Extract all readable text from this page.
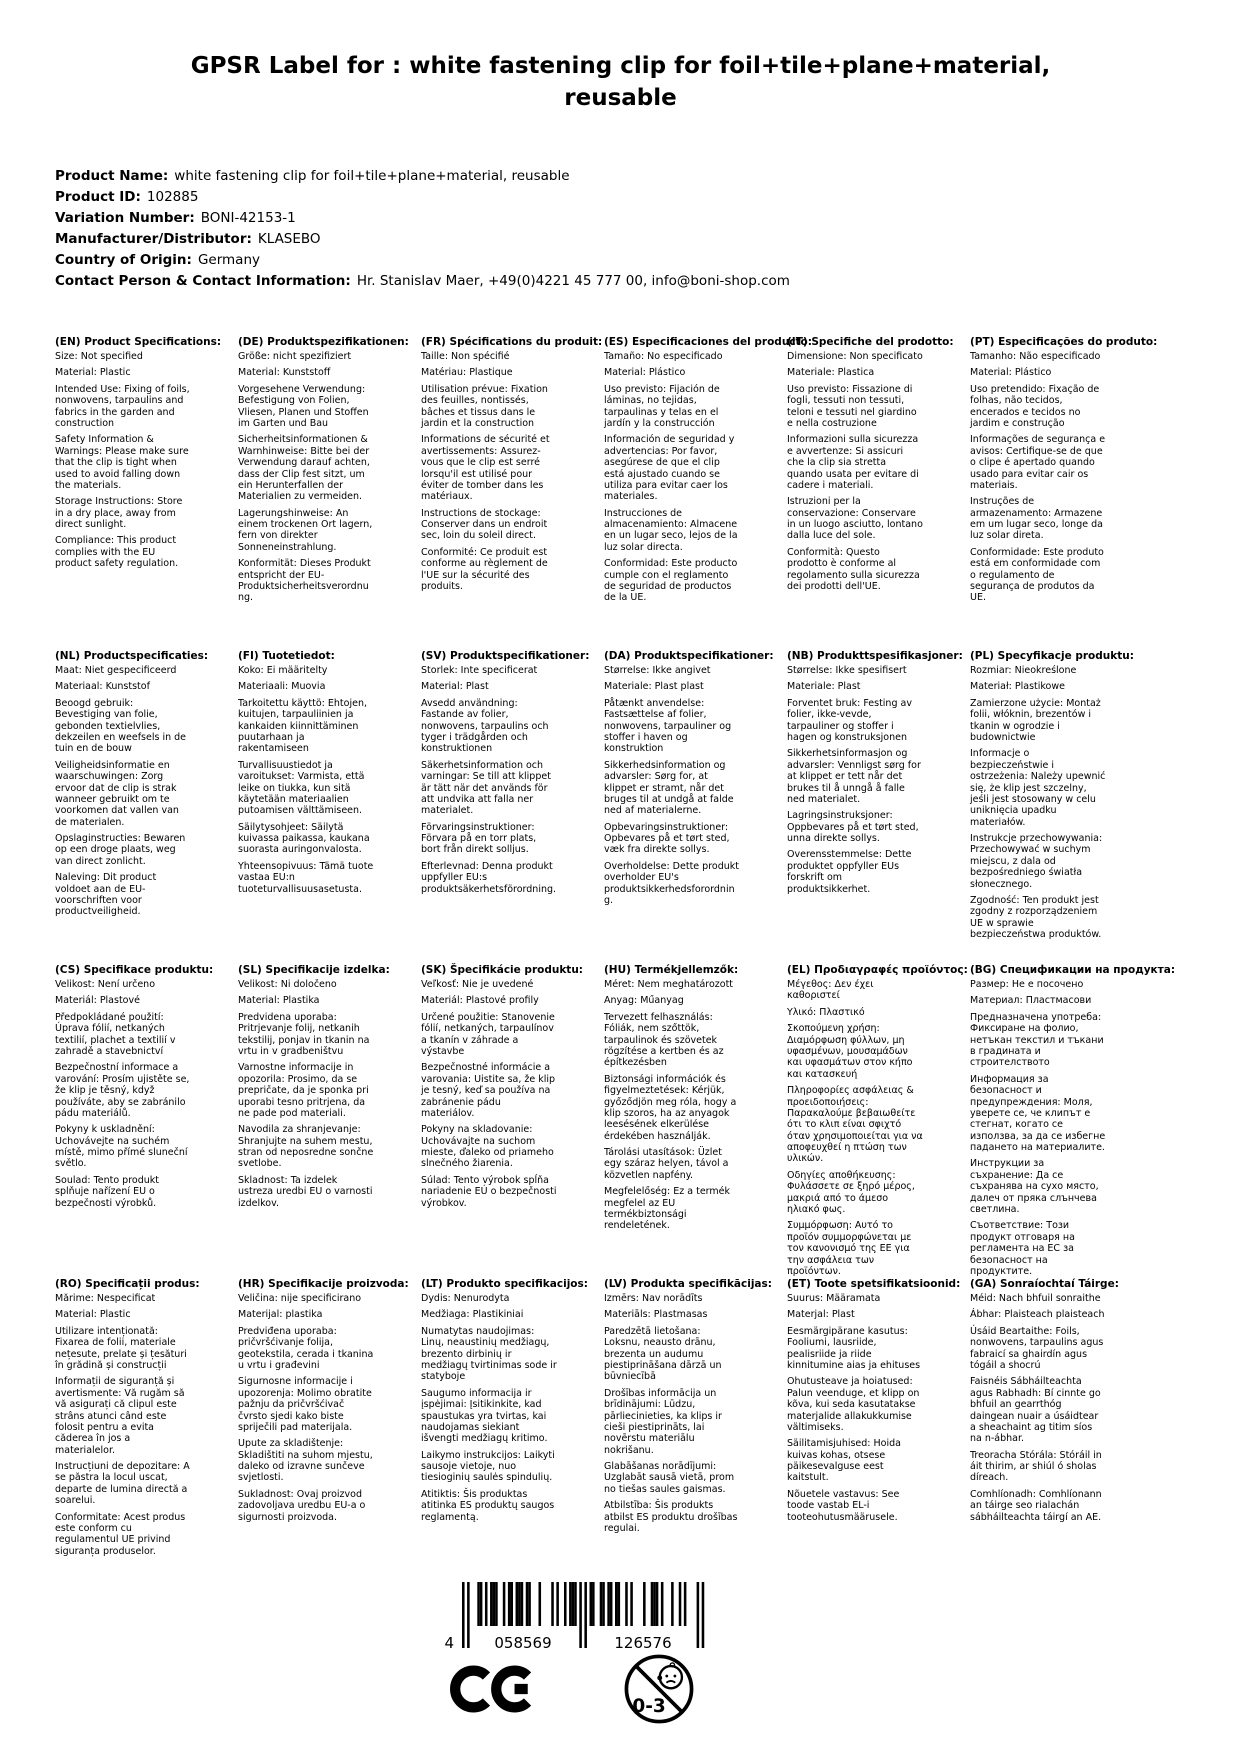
GPSR Label for : white fastening clip for foil+tile+plane+material, reusable
Product Name: white fastening clip for foil+tile+plane+material, reusable
Product ID: 102885
Variation Number: BONI-42153-1
Manufacturer/Distributor: KLASEBO
Country of Origin: Germany
Contact Person & Contact Information: Hr. Stanislav Maer, +49(0)4221 45 777 00, info@boni-shop.com
(EN) Product Specifications:

Size: Not specified

Material: Plastic

Intended Use: Fixing of foils, nonwovens, tarpaulins and fabrics in the garden and construction

Safety Information & Warnings: Please make sure that the clip is tight when used to avoid falling down the materials.

Storage Instructions: Store in a dry place, away from direct sunlight.

Compliance: This product complies with the EU product safety regulation.

(DE) Produktspezifikationen:

Größe: nicht spezifiziert

Material: Kunststoff

Vorgesehene Verwendung: Befestigung von Folien, Vliesen, Planen und Stoffen im Garten und Bau

Sicherheitsinformationen & Warnhinweise: Bitte bei der Verwendung darauf achten, dass der Clip fest sitzt, um ein Herunterfallen der Materialien zu vermeiden.

Lagerungshinweise: An einem trockenen Ort lagern, fern von direkter Sonneneinstrahlung.

Konformität: Dieses Produkt entspricht der EU-Produktsicherheitsverordnung.

(FR) Spécifications du produit:

Taille: Non spécifié

Matériau: Plastique

Utilisation prévue: Fixation des feuilles, nontissés, bâches et tissus dans le jardin et la construction

Informations de sécurité et avertissements: Assurez-vous que le clip est serré lorsqu'il est utilisé pour éviter de tomber dans les matériaux.

Instructions de stockage: Conserver dans un endroit sec, loin du soleil direct.

Conformité: Ce produit est conforme au règlement de l'UE sur la sécurité des produits.

(ES) Especificaciones del producto:

Tamaño: No especificado

Material: Plástico

Uso previsto: Fijación de láminas, no tejidas, tarpaulinas y telas en el jardín y la construcción

Información de seguridad y advertencias: Por favor, asegúrese de que el clip está ajustado cuando se utiliza para evitar caer los materiales.

Instrucciones de almacenamiento: Almacene en un lugar seco, lejos de la luz solar directa.

Conformidad: Este producto cumple con el reglamento de seguridad de productos de la UE.

(IT) Specifiche del prodotto:

Dimensione: Non specificato

Materiale: Plastica

Uso previsto: Fissazione di fogli, tessuti non tessuti, teloni e tessuti nel giardino e nella costruzione

Informazioni sulla sicurezza e avvertenze: Si assicuri che la clip sia stretta quando usata per evitare di cadere i materiali.

Istruzioni per la conservazione: Conservare in un luogo asciutto, lontano dalla luce del sole.

Conformità: Questo prodotto è conforme al regolamento sulla sicurezza dei prodotti dell'UE.

(PT) Especificações do produto:

Tamanho: Não especificado

Material: Plástico

Uso pretendido: Fixação de folhas, não tecidos, encerados e tecidos no jardim e construção

Informações de segurança e avisos: Certifique-se de que o clipe é apertado quando usado para evitar cair os materiais.

Instruções de armazenamento: Armazene em um lugar seco, longe da luz solar direta.

Conformidade: Este produto está em conformidade com o regulamento de segurança de produtos da UE.

(NL) Productspecificaties:

Maat: Niet gespecificeerd

Materiaal: Kunststof

Beoogd gebruik: Bevestiging van folie, gebonden textielvlies, dekzeilen en weefsels in de tuin en de bouw

Veiligheidsinformatie en waarschuwingen: Zorg ervoor dat de clip is strak wanneer gebruikt om te voorkomen dat vallen van de materialen.

Opslaginstructies: Bewaren op een droge plaats, weg van direct zonlicht.

Naleving: Dit product voldoet aan de EU-voorschriften voor productveiligheid.

(FI) Tuotetiedot:

Koko: Ei määritelty

Materiaali: Muovia

Tarkoitettu käyttö: Ehtojen, kuitujen, tarpauliinien ja kankaiden kiinnittäminen puutarhaan ja rakentamiseen

Turvallisuustiedot ja varoitukset: Varmista, että leike on tiukka, kun sitä käytetään materiaalien putoamisen välttämiseen.

Säilytysohjeet: Säilytä kuivassa paikassa, kaukana suorasta auringonvalosta.

Yhteensopivuus: Tämä tuote vastaa EU:n tuoteturvallisuusasetusta.

(SV) Produktspecifikationer:

Storlek: Inte specificerat

Material: Plast

Avsedd användning: Fastande av folier, nonwovens, tarpaulins och tyger i trädgården och konstruktionen

Säkerhetsinformation och varningar: Se till att klippet är tätt när det används för att undvika att falla ner materialet.

Förvaringsinstruktioner: Förvara på en torr plats, bort från direkt solljus.

Efterlevnad: Denna produkt uppfyller EU:s produktsäkerhetsförordning.

(DA) Produktspecifikationer:

Størrelse: Ikke angivet

Materiale: Plast plast

Påtænkt anvendelse: Fastsættelse af folier, nonwovens, tarpauliner og stoffer i haven og konstruktion

Sikkerhedsinformation og advarsler: Sørg for, at klippet er stramt, når det bruges til at undgå at falde ned af materialerne.

Opbevaringsinstruktioner: Opbevares på et tørt sted, væk fra direkte sollys.

Overholdelse: Dette produkt overholder EU's produktsikkerhedsforordning.

(NB) Produkttspesifikasjoner:

Størrelse: Ikke spesifisert

Materiale: Plast

Forventet bruk: Festing av folier, ikke-vevde, tarpauliner og stoffer i hagen og konstruksjonen

Sikkerhetsinformasjon og advarsler: Vennligst sørg for at klippet er tett når det brukes til å unngå å falle ned materialet.

Lagringsinstruksjoner: Oppbevares på et tørt sted, unna direkte sollys.

Overensstemmelse: Dette produktet oppfyller EUs forskrift om produktsikkerhet.

(PL) Specyfikacje produktu:

Rozmiar: Nieokreślone

Materiał: Plastikowe

Zamierzone użycie: Montaż folii, włóknin, brezentów i tkanin w ogrodzie i budownictwie

Informacje o bezpieczeństwie i ostrzeżenia: Należy upewnić się, że klip jest szczelny, jeśli jest stosowany w celu uniknięcia upadku materiałów.

Instrukcje przechowywania: Przechowywać w suchym miejscu, z dala od bezpośredniego światła słonecznego.

Zgodność: Ten produkt jest zgodny z rozporządzeniem UE w sprawie bezpieczeństwa produktów.

(CS) Specifikace produktu:

Velikost: Není určeno

Materiál: Plastové

Předpokládané použití: Úprava fólií, netkaných textilií, plachet a textilií v zahradě a stavebnictví

Bezpečnostní informace a varování: Prosím ujistěte se, že klip je těsný, když používáte, aby se zabránilo pádu materiálů.

Pokyny k uskladnění: Uchovávejte na suchém místě, mimo přímé sluneční světlo.

Soulad: Tento produkt splňuje nařízení EU o bezpečnosti výrobků.

(SL) Specifikacije izdelka:

Velikost: Ni določeno

Material: Plastika

Predvidena uporaba: Pritrjevanje folij, netkanih tekstilij, ponjav in tkanin na vrtu in v gradbeništvu

Varnostne informacije in opozorila: Prosimo, da se prepričate, da je sponka pri uporabi tesno pritrjena, da ne pade pod materiali.

Navodila za shranjevanje: Shranjujte na suhem mestu, stran od neposredne sončne svetlobe.

Skladnost: Ta izdelek ustreza uredbi EU o varnosti izdelkov.

(SK) Špecifikácie produktu:

Veľkosť: Nie je uvedené

Materiál: Plastové profily

Určené použitie: Stanovenie fólií, netkaných, tarpaulínov a tkanín v záhrade a výstavbe

Bezpečnostné informácie a varovania: Uistite sa, že klip je tesný, keď sa používa na zabránenie pádu materiálov.

Pokyny na skladovanie: Uchovávajte na suchom mieste, ďaleko od priameho slnečného žiarenia.

Súlad: Tento výrobok spĺňa nariadenie EÚ o bezpečnosti výrobkov.

(HU) Termékjellemzők:

Méret: Nem meghatározott

Anyag: Műanyag

Tervezett felhasználás: Fóliák, nem szőttök, tarpaulinok és szövetek rögzítése a kertben és az építkezésben

Biztonsági információk és figyelmeztetések: Kérjük, győződjön meg róla, hogy a klip szoros, ha az anyagok leesésének elkerülése érdekében használják.

Tárolási utasítások: Üzlet egy száraz helyen, távol a közvetlen napfény.

Megfelelőség: Ez a termék megfelel az EU termékbiztonsági rendeletének.

(EL) Προδιαγραφές προϊόντος:

Μέγεθος: Δεν έχει καθοριστεί

Υλικό: Πλαστικό

Σκοπούμενη χρήση: Διαμόρφωση φύλλων, μη υφασμένων, μουσαμάδων και υφασμάτων στον κήπο και κατασκευή

Πληροφορίες ασφάλειας & προειδοποιήσεις: Παρακαλούμε βεβαιωθείτε ότι το κλιπ είναι σφιχτό όταν χρησιμοποιείται για να αποφευχθεί η πτώση των υλικών.

Οδηγίες αποθήκευσης: Φυλάσσετε σε ξηρό μέρος, μακριά από το άμεσο ηλιακό φως.

Συμμόρφωση: Αυτό το προϊόν συμμορφώνεται με τον κανονισμό της ΕΕ για την ασφάλεια των προϊόντων.

(BG) Спецификации на продукта:

Размер: Не е посочено

Материал: Пластмасови

Предназначена употреба: Фиксиране на фолио, нетъкан текстил и тъкани в градината и строителството

Информация за безопасност и предупреждения: Моля, уверете се, че клипът е стегнат, когато се използва, за да се избегне падането на материалите.

Инструкции за съхранение: Да се съхранява на сухо място, далеч от пряка слънчева светлина.

Съответствие: Този продукт отговаря на регламента на ЕС за безопасност на продуктите.

(RO) Specificații produs:

Mărime: Nespecificat

Material: Plastic

Utilizare intenționată: Fixarea de folii, materiale nețesute, prelate și țesături în grădină și construcții

Informații de siguranță și avertismente: Vă rugăm să vă asigurați că clipul este strâns atunci când este folosit pentru a evita căderea în jos a materialelor.

Instrucțiuni de depozitare: A se păstra la locul uscat, departe de lumina directă a soarelui.

Conformitate: Acest produs este conform cu regulamentul UE privind siguranța produselor.

(HR) Specifikacije proizvoda:

Veličina: nije specificirano

Materijal: plastika

Predviđena uporaba: pričvršćivanje folija, geotekstila, cerada i tkanina u vrtu i građevini

Sigurnosne informacije i upozorenja: Molimo obratite pažnju da pričvršćivač čvrsto sjedi kako biste spriječili pad materijala.

Upute za skladištenje: Skladištiti na suhom mjestu, daleko od izravne sunčeve svjetlosti.

Sukladnost: Ovaj proizvod zadovoljava uredbu EU-a o sigurnosti proizvoda.

(LT) Produkto specifikacijos:

Dydis: Nenurodyta

Medžiaga: Plastikiniai

Numatytas naudojimas: Linų, neaustinių medžiagų, brezento dirbinių ir medžiagų tvirtinimas sode ir statyboje

Saugumo informacija ir įspėjimai: Įsitikinkite, kad spaustukas yra tvirtas, kai naudojamas siekiant išvengti medžiagų kritimo.

Laikymo instrukcijos: Laikyti sausoje vietoje, nuo tiesioginių saulės spindulių.

Atitiktis: Šis produktas atitinka ES produktų saugos reglamentą.

(LV) Produkta specifikācijas:

Izmērs: Nav norādīts

Materiāls: Plastmasas

Paredzētā lietošana: Loksnu, neausto drānu, brezenta un audumu piestiprināšana dārzā un būvniecībā

Drošības informācija un brīdinājumi: Lūdzu, pārliecinieties, ka klips ir cieši piestiprināts, lai novērstu materiālu nokrišanu.

Glabāšanas norādījumi: Uzglabāt sausā vietā, prom no tiešas saules gaismas.

Atbilstība: Šis produkts atbilst ES produktu drošības regulai.

(ET) Toote spetsifikatsioonid:

Suurus: Määramata

Materjal: Plast

Eesmärgipärane kasutus: Fooliumi, lausriide, pealisriide ja riide kinnitumine aias ja ehituses

Ohutusteave ja hoiatused: Palun veenduge, et klipp on kõva, kui seda kasutatakse materjalide allakukkumise vältimiseks.

Säilitamisjuhised: Hoida kuivas kohas, otsese päikesevalguse eest kaitstult.

Nõuetele vastavus: See toode vastab EL-i tooteohutusmäärusele.

(GA) Sonraíochtaí Táirge:

Méid: Nach bhfuil sonraithe

Ábhar: Plaisteach plaisteach

Úsáid Beartaithe: Foils, nonwovens, tarpaulins agus fabraicí sa ghairdín agus tógáil a shocrú

Faisnéis Sábháilteachta agus Rabhadh: Bí cinnte go bhfuil an gearrthóg daingean nuair a úsáidtear a sheachaint ag titim síos na n-ábhar.

Treoracha Stórála: Stóráil in áit thirim, ar shiúl ó sholas díreach.

Comhlíonadh: Comhlíonann an táirge seo rialachán sábháilteachta táirgí an AE.

4	058569	126576
0-3
